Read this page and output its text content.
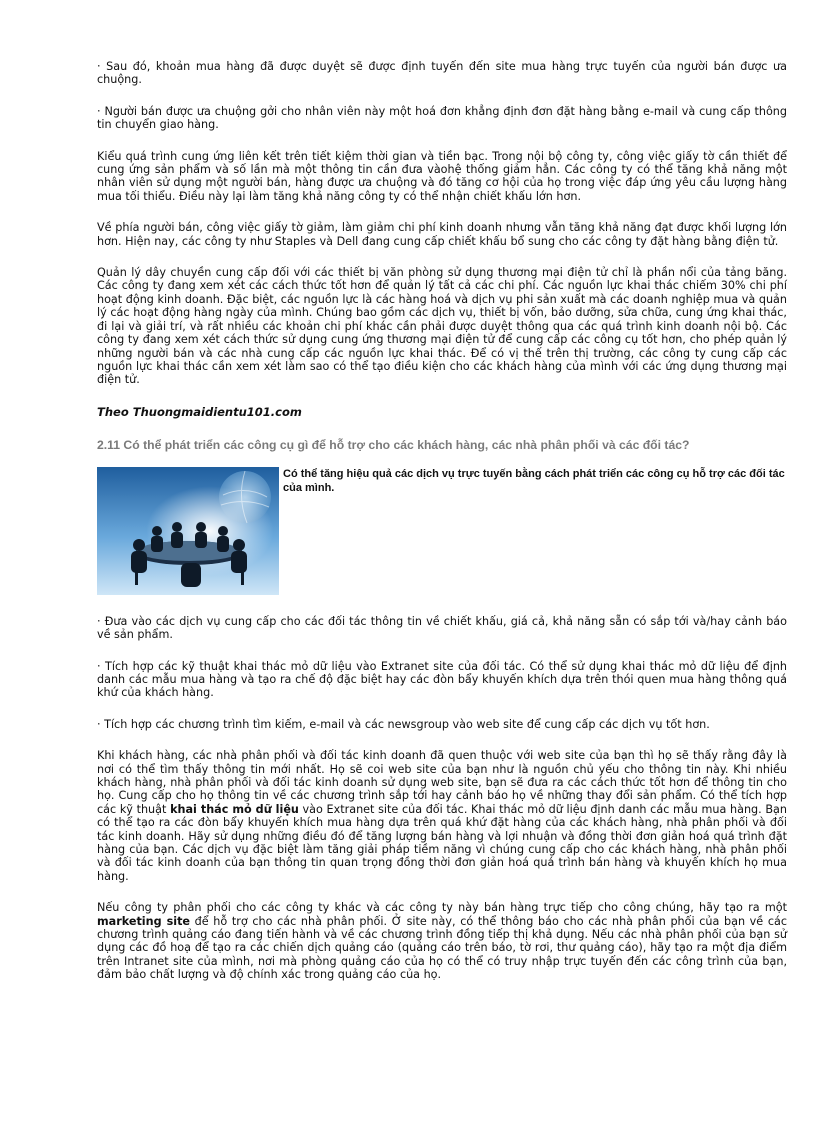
· Sau đó, khoản mua hàng đã được duyệt sẽ được định tuyến đến site mua hàng trực tuyến của người bán được ưa chuộng.

· Người bán được ưa chuộng gởi cho nhân viên này một hoá đơn khẳng định đơn đặt hàng bằng e-mail và cung cấp thông tin chuyển giao hàng.

Kiểu quá trình cung ứng liên kết trên tiết kiệm thời gian và tiền bạc. Trong nội bộ công ty, công việc giấy tờ cần thiết để cung ứng sản phẩm và số lần mà một thông tin cần đưa vàohệ thống giảm hẳn. Các công ty có thể tăng khả năng một nhân viên sử dụng một người bán, hàng được ưa chuộng và đó tăng cơ hội của họ trong việc đáp ứng yêu cầu lượng hàng mua tối thiểu. Điều này lại làm tăng khả năng công ty có thể nhận chiết khấu lớn hơn.

Về phía người bán, công việc giấy tờ giảm, làm giảm chi phí kinh doanh nhưng vẫn tăng khả năng đạt được khối lượng lớn hơn. Hiện nay, các công ty như Staples và Dell đang cung cấp chiết khấu bổ sung cho các công ty đặt hàng bằng điện tử.

Quản lý dây chuyền cung cấp đối với các thiết bị văn phòng sử dụng thương mại điện tử chỉ là phần nổi của tảng băng. Các công ty đang xem xét các cách thức tốt hơn để quản lý tất cả các chi phí. Các nguồn lực khai thác chiếm 30% chi phí hoạt động kinh doanh. Đặc biệt, các nguồn lực là các hàng hoá và dịch vụ phi sản xuất mà các doanh nghiệp mua và quản lý các hoạt động hàng ngày của mình. Chúng bao gồm các dịch vụ, thiết bị vốn, bảo dưỡng, sửa chữa, cung ứng khai thác, đi lại và giải trí, và rất nhiều các khoản chi phí khác cần phải được duyệt thông qua các quá trình kinh doanh nội bộ. Các công ty đang xem xét cách thức sử dụng cung ứng thương mại điện tử để cung cấp các công cụ tốt hơn, cho phép quản lý những người bán và các nhà cung cấp các nguồn lực khai thác. Để có vị thế trên thị trường, các công ty cung cấp các nguồn lực khai thác cần xem xét làm sao có thể tạo điều kiện cho các khách hàng của mình với các ứng dụng thương mại điện tử.

Theo Thuongmaidientu101.com

2.11 Có thể phát triển các công cụ gì để hỗ trợ cho các khách hàng, các nhà phân phối và các đối tác?
Có thể tăng hiệu quả các dịch vụ trực tuyến bằng cách phát triển các công cụ hỗ trợ các đối tác của mình.

· Đưa vào các dịch vụ cung cấp cho các đối tác thông tin về chiết khấu, giá cả, khả năng sẵn có sắp tới và/hay cảnh báo về sản phẩm.

· Tích hợp các kỹ thuật khai thác mỏ dữ liệu vào Extranet site của đối tác. Có thể sử dụng khai thác mỏ dữ liệu để định danh các mẫu mua hàng và tạo ra chế độ đặc biệt hay các đòn bẩy khuyến khích dựa trên thói quen mua hàng thông quá khứ của khách hàng.

· Tích hợp các chương trình tìm kiếm, e-mail và các newsgroup vào web site để cung cấp các dịch vụ tốt hơn.

Khi khách hàng, các nhà phân phối và đối tác kinh doanh đã quen thuộc với web site của bạn thì họ sẽ thấy rằng đây là nơi có thể tìm thấy thông tin mới nhất. Họ sẽ coi web site của bạn như là nguồn chủ yếu cho thông tin này. Khi nhiều khách hàng, nhà phân phối và đối tác kinh doanh sử dụng web site, bạn sẽ đưa ra các cách thức tốt hơn để thông tin cho họ. Cung cấp cho họ thông tin về các chương trình sắp tới hay cảnh báo họ về những thay đổi sản phẩm. Có thể tích hợp các kỹ thuật khai thác mỏ dữ liệu vào Extranet site của đối tác. Khai thác mỏ dữ liệu định danh các mẫu mua hàng. Bạn có thể tạo ra các đòn bẩy khuyến khích mua hàng dựa trên quá khứ đặt hàng của các khách hàng, nhà phân phối và đối tác kinh doanh. Hãy sử dụng những điều đó để tăng lượng bán hàng và lợi nhuận và đồng thời đơn giản hoá quá trình đặt hàng của bạn. Các dịch vụ đặc biệt làm tăng giải pháp tiềm năng vì chúng cung cấp cho các khách hàng, nhà phân phối và đối tác kinh doanh của bạn thông tin quan trọng đồng thời đơn giản hoá quá trình bán hàng và khuyến khích họ mua hàng.

Nếu công ty phân phối cho các công ty khác và các công ty này bán hàng trực tiếp cho công chúng, hãy tạo ra một marketing site để hỗ trợ cho các nhà phân phối. Ở site này, có thể thông báo cho các nhà phân phối của bạn về các chương trình quảng cáo đang tiến hành và về các chương trình đồng tiếp thị khả dụng. Nếu các nhà phân phối của bạn sử dụng các đồ hoạ để tạo ra các chiến dịch quảng cáo (quảng cáo trên báo, tờ rơi, thư quảng cáo), hãy tạo ra một địa điểm trên Intranet site của mình, nơi mà phòng quảng cáo của họ có thể có truy nhập trực tuyến đến các công trình của bạn, đảm bảo chất lượng và độ chính xác trong quảng cáo của họ.
